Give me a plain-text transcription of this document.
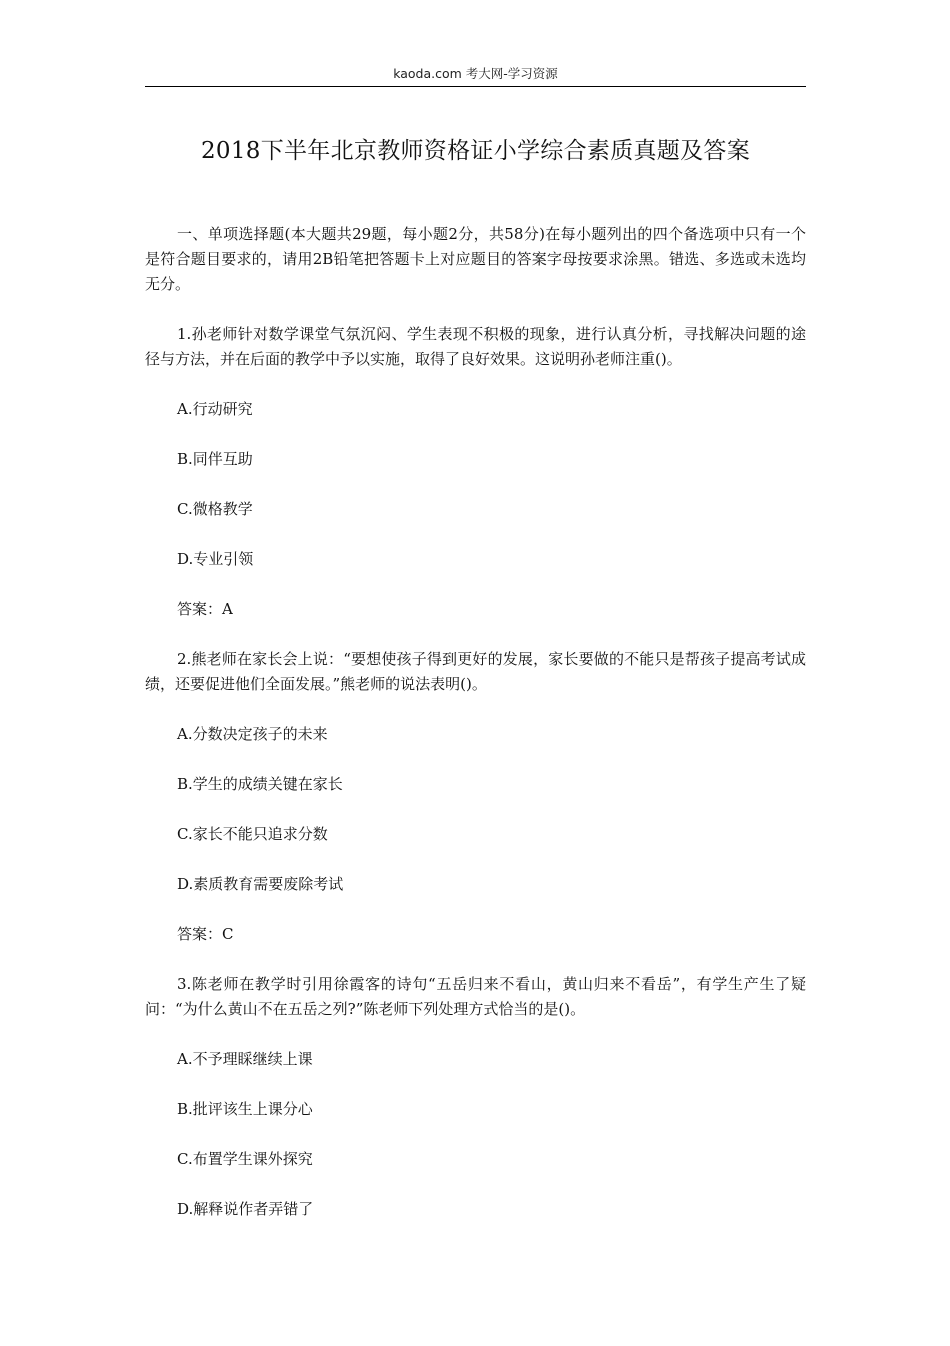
kaoda.com 考大网-学习资源
2018下半年北京教师资格证小学综合素质真题及答案

一、单项选择题(本大题共29题，每小题2分，共58分)在每小题列出的四个备选项中只有一个是符合题目要求的，请用2B铅笔把答题卡上对应题目的答案字母按要求涂黑。错选、多选或未选均无分。

1.孙老师针对数学课堂气氛沉闷、学生表现不积极的现象，进行认真分析，寻找解决问题的途径与方法，并在后面的教学中予以实施，取得了良好效果。这说明孙老师注重()。

A.行动研究

B.同伴互助

C.微格教学

D.专业引领

答案：A

2.熊老师在家长会上说：“要想使孩子得到更好的发展，家长要做的不能只是帮孩子提高考试成绩，还要促进他们全面发展。”熊老师的说法表明()。

A.分数决定孩子的未来

B.学生的成绩关键在家长

C.家长不能只追求分数

D.素质教育需要废除考试

答案：C

3.陈老师在教学时引用徐霞客的诗句“五岳归来不看山，黄山归来不看岳”，有学生产生了疑问：“为什么黄山不在五岳之列?”陈老师下列处理方式恰当的是()。

A.不予理睬继续上课

B.批评该生上课分心

C.布置学生课外探究

D.解释说作者弄错了
